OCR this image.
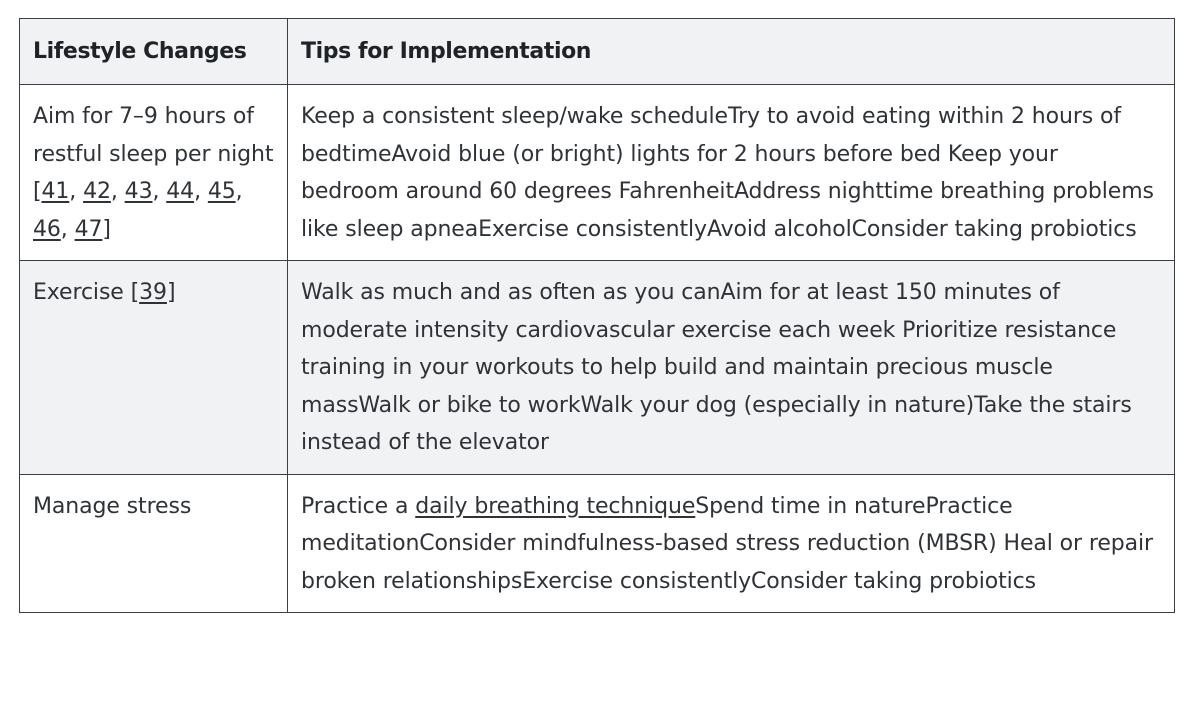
Lifestyle Changes	Tips for Implementation
Aim for 7–9 hours of restful sleep per night [41, 42, 43, 44, 45, 46, 47]	Keep a consistent sleep/wake scheduleTry to avoid eating within 2 hours of bedtimeAvoid blue (or bright) lights for 2 hours before bed Keep your bedroom around 60 degrees FahrenheitAddress nighttime breathing problems like sleep apneaExercise consistentlyAvoid alcoholConsider taking probiotics
Exercise [39]	Walk as much and as often as you canAim for at least 150 minutes of moderate intensity cardiovascular exercise each week Prioritize resistance training in your workouts to help build and maintain precious muscle massWalk or bike to workWalk your dog (especially in nature)Take the stairs instead of the elevator
Manage stress	Practice a daily breathing techniqueSpend time in naturePractice meditationConsider mindfulness-based stress reduction (MBSR) Heal or repair broken relationshipsExercise consistentlyConsider taking probiotics
